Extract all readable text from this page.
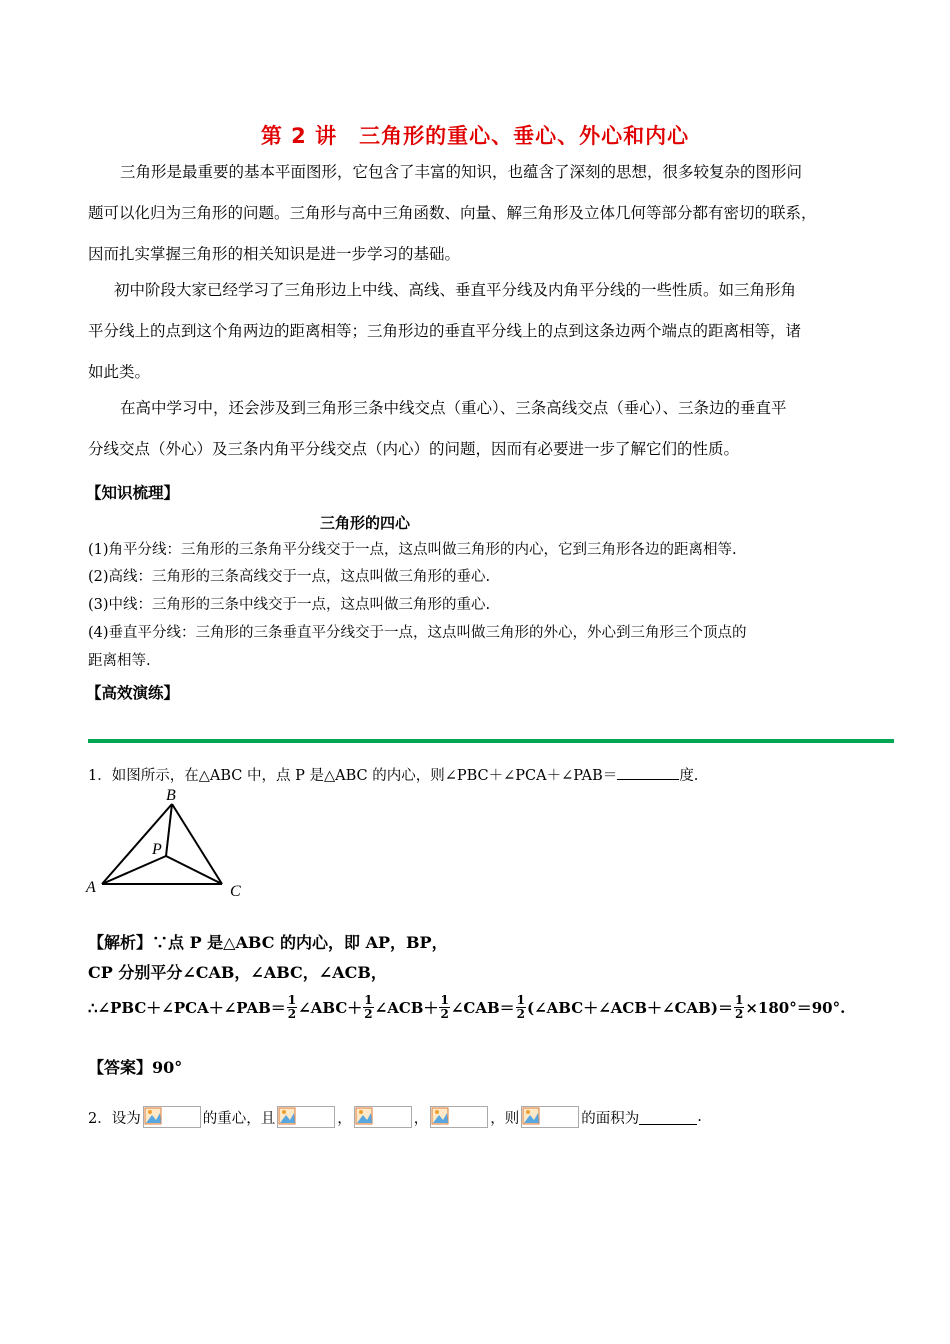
第 2 讲　三角形的重心、垂心、外心和内心
三角形是最重要的基本平面图形，它包含了丰富的知识，也蕴含了深刻的思想，很多较复杂的图形问
题可以化归为三角形的问题。三角形与高中三角函数、向量、解三角形及立体几何等部分都有密切的联系，
因而扎实掌握三角形的相关知识是进一步学习的基础。
初中阶段大家已经学习了三角形边上中线、高线、垂直平分线及内角平分线的一些性质。如三角形角
平分线上的点到这个角两边的距离相等；三角形边的垂直平分线上的点到这条边两个端点的距离相等，诸
如此类。
在高中学习中，还会涉及到三角形三条中线交点（重心）、三条高线交点（垂心）、三条边的垂直平
分线交点（外心）及三条内角平分线交点（内心）的问题，因而有必要进一步了解它们的性质。
【知识梳理】
三角形的四心
(1)角平分线：三角形的三条角平分线交于一点，这点叫做三角形的内心，它到三角形各边的距离相等.
(2)高线：三角形的三条高线交于一点，这点叫做三角形的垂心.
(3)中线：三角形的三条中线交于一点，这点叫做三角形的重心.
(4)垂直平分线：三角形的三条垂直平分线交于一点，这点叫做三角形的外心，外心到三角形三个顶点的
距离相等.
【高效演练】
1．如图所示，在△ABC 中，点 P 是△ABC 的内心，则∠PBC＋∠PCA＋∠PAB＝	度.
A
B
C
P
【解析】∵点 P 是△ABC 的内心，即 AP，BP，
CP 分别平分∠CAB，∠ABC，∠ACB，
∴∠PBC＋∠PCA＋∠PAB＝ $\frac{1}{2}$ ∠ABC＋ $\frac{1}{2}$ ∠ACB＋ $\frac{1}{2}$ ∠CAB＝ $\frac{1}{2}$ (∠ABC＋∠ACB＋∠CAB)＝ $\frac{1}{2} \times 180^\circ=90^\circ$.
【答案】90°
2．设为	的重心，且	，	，	，则	的面积为	.
